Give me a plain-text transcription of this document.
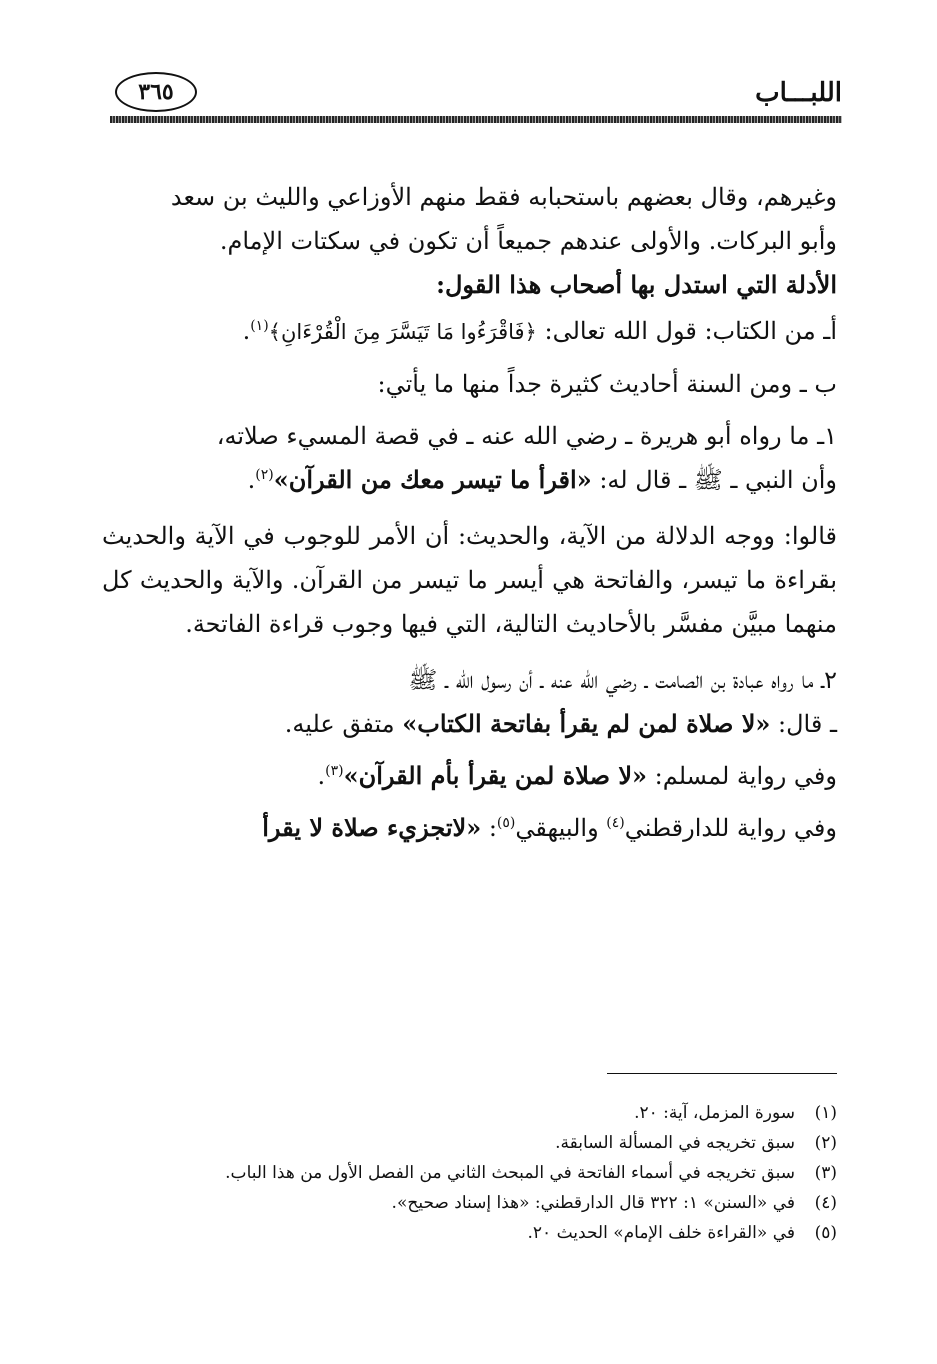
اللبـــاب
٣٦٥

وغيرهم، وقال بعضهم باستحبابه فقط منهم الأوزاعي والليث بن سعد
وأبو البركات. والأولى عندهم جميعاً أن تكون في سكتات الإمام.
الأدلة التي استدل بها أصحاب هذا القول:

أـ من الكتاب: قول الله تعالى: ﴿فَاقْرَءُوا مَا تَيَسَّرَ مِنَ الْقُرْءَانِ﴾$^{(١)}$.

ب ـ ومن السنة أحاديث كثيرة جداً منها ما يأتي:

١ـ ما رواه أبو هريرة ـ رضي الله عنه ـ في قصة المسيء صلاته،
وأن النبي ـ ﷺ ـ قال له: «اقرأ ما تيسر معك من القرآن»$^{(٢)}$.

قالوا: ووجه الدلالة من الآية، والحديث: أن الأمر للوجوب في الآية والحديث بقراءة ما تيسر، والفاتحة هي أيسر ما تيسر من القرآن. والآية والحديث كل منهما مبيَّن مفسَّر بالأحاديث التالية، التي فيها وجوب قراءة الفاتحة.

٢ـ ما رواه عبادة بن الصامت ـ رضي الله عنه ـ أن رسول الله ـ ﷺ
ـ قال: «لا صلاة لمن لم يقرأ بفاتحة الكتاب» متفق عليه.

وفي رواية لمسلم: «لا صلاة لمن يقرأ بأم القرآن»$^{(٣)}$.

وفي رواية للدارقطني$^{(٤)}$ والبيهقي$^{(٥)}$: «لاتجزيء صلاة لا يقرأ

(١)سورة المزمل، آية: ٢٠.

(٢)سبق تخريجه في المسألة السابقة.

(٣)سبق تخريجه في أسماء الفاتحة في المبحث الثاني من الفصل الأول من هذا الباب.

(٤)في «السنن» ١: ٣٢٢ قال الدارقطني: «هذا إسناد صحيح».

(٥)في «القراءة خلف الإمام» الحديث ٢٠.
